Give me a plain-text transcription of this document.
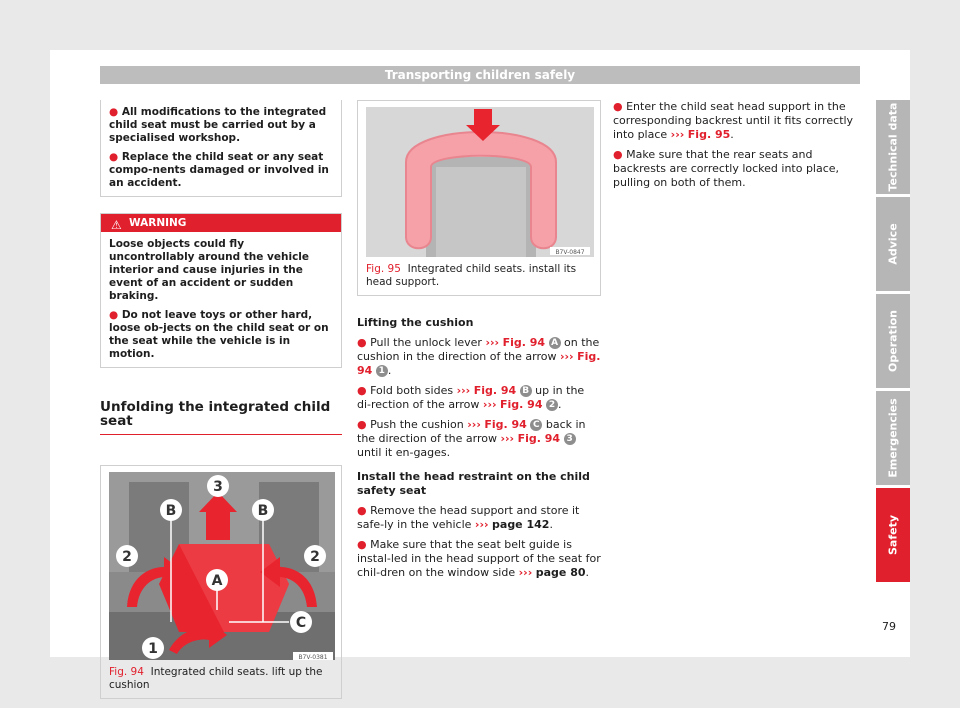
Transporting children safely

● All modifications to the integrated child seat must be carried out by a specialised workshop.

● Replace the child seat or any seat compo-nents damaged or involved in an accident.

⚠ WARNING

Loose objects could fly uncontrollably around the vehicle interior and cause injuries in the event of an accident or sudden braking.

● Do not leave toys or other hard, loose ob-jects on the child seat or on the seat while the vehicle is in motion.

Unfolding the integrated child seat
1
2	2
3
A
B	B
C
B7V-0381
Fig. 94 Integrated child seats. lift up the cushion
B7V-0847
Fig. 95 Integrated child seats. install its head support.

Lifting the cushion

● Pull the unlock lever ››› Fig. 94 A on the cushion in the direction of the arrow ››› Fig. 94 1 .

● Fold both sides ››› Fig. 94 B up in the di-rection of the arrow ››› Fig. 94 2 .

● Push the cushion ››› Fig. 94 C back in the direction of the arrow ››› Fig. 94 3 until it en-gages.

Install the head restraint on the child safety seat

● Remove the head support and store it safe-ly in the vehicle ››› page 142.

● Make sure that the seat belt guide is instal-led in the head support of the seat for chil-dren on the window side ››› page 80.

● Enter the child seat head support in the corresponding backrest until it fits correctly into place ››› Fig. 95.

● Make sure that the rear seats and backrests are correctly locked into place, pulling on both of them.	Technical data
Advice
Operation
Emergencies
Safety
79
